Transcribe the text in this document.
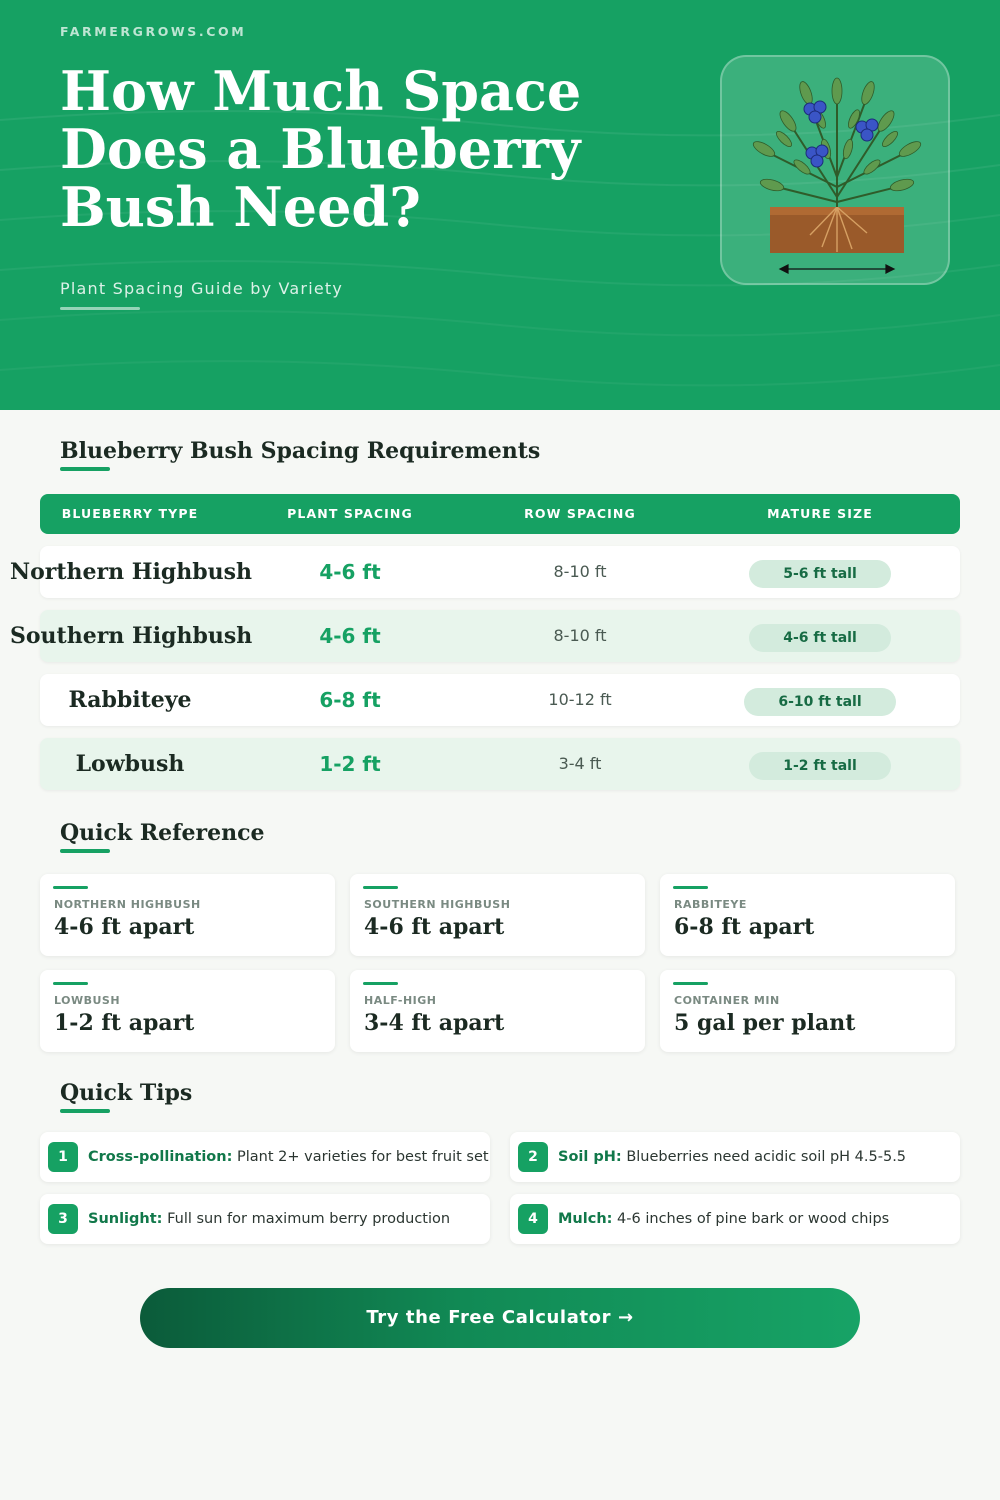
FARMERGROWS.COM
How Much Space
Does a Blueberry
Bush Need?
Plant Spacing Guide by Variety
Blueberry Bush Spacing Requirements
BLUEBERRY TYPE	PLANT SPACING	ROW SPACING	MATURE SIZE
Northern Highbush	4-6 ft	8-10 ft	5-6 ft tall
Southern Highbush	4-6 ft	8-10 ft	4-6 ft tall
Rabbiteye	6-8 ft	10-12 ft	6-10 ft tall
Lowbush	1-2 ft	3-4 ft	1-2 ft tall
Quick Reference
NORTHERN HIGHBUSH
4-6 ft apart
SOUTHERN HIGHBUSH
4-6 ft apart
RABBITEYE
6-8 ft apart
LOWBUSH
1-2 ft apart
HALF-HIGH
3-4 ft apart
CONTAINER MIN
5 gal per plant
Quick Tips
1	Cross-pollination: Plant 2+ varieties for best fruit set	2	Soil pH: Blueberries need acidic soil pH 4.5-5.5
3	Sunlight: Full sun for maximum berry production	4	Mulch: 4-6 inches of pine bark or wood chips
Try the Free Calculator →
